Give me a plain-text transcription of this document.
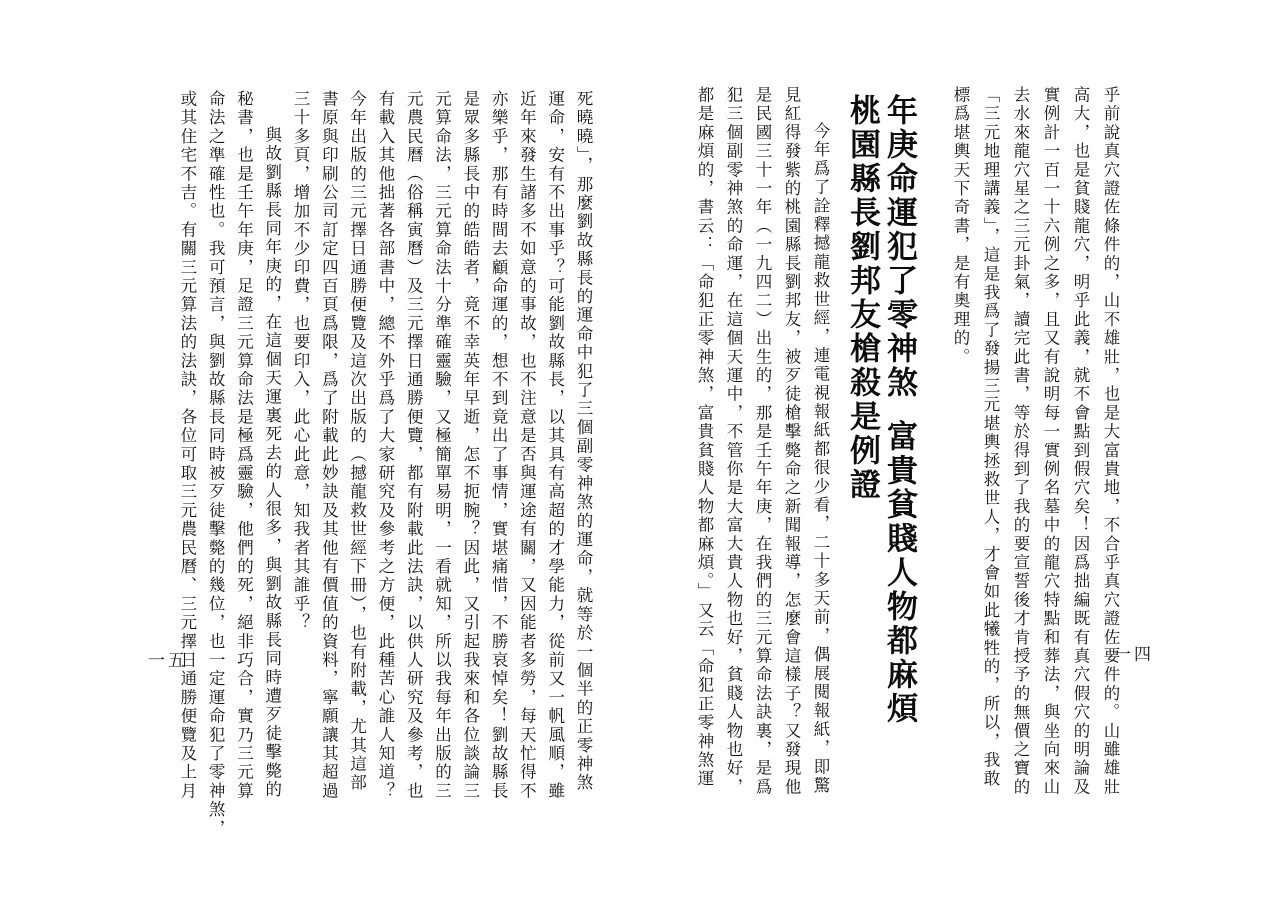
乎前說真穴證佐條件的，山不雄壯，也是大富貴地，不合乎真穴證佐要件的。山雖雄壯
高大，也是貧賤龍穴，明乎此義，就不會點到假穴矣！因爲拙編既有真穴假穴的明論及
實例計一百一十六例之多，且又有說明每一實例名墓中的龍穴特點和葬法，與坐向來山
去水來龍穴星之三元卦氣，讀完此書，等於得到了我的要宣誓後才肯授予的無價之寶的
「三元地理講義」，這是我爲了發揚三元堪輿拯救世人，才會如此犧牲的，所以，我敢
標爲堪輿天下奇書，是有奧理的。
年庚命運犯了零神煞富貴貧賤人物都麻煩
桃園縣長劉邦友槍殺是例證
今年爲了詮釋撼龍救世經，連電視報紙都很少看，二十多天前，偶展閱報紙，即驚
見紅得發紫的桃園縣長劉邦友，被歹徒槍擊斃命之新聞報導，怎麼會這樣子？又發現他
是民國三十一年（一九四二）出生的，那是壬午年庚，在我們的三元算命法訣裏，是爲
犯三個副零神煞的命運，在這個天運中，不管你是大富大貴人物也好，貧賤人物也好，
都是麻煩的，書云：「命犯正零神煞，富貴貧賤人物都麻煩。」又云「命犯正零神煞運	一四
死曉曉」，那麼劉故縣長的運命中犯了三個副零神煞的運命，就等於一個半的正零神煞
運命，安有不出事乎？可能劉故縣長，以其具有高超的才學能力，從前又一帆風順，雖
近年來發生諸多不如意的事故，也不注意是否與運途有關，又因能者多勞，每天忙得不
亦樂乎，那有時間去顧命運的，想不到竟出了事情，實堪痛惜，不勝哀悼矣！劉故縣長
是眾多縣長中的皓皓者，竟不幸英年早逝，怎不扼腕？因此，又引起我來和各位談論三
元算命法，三元算命法十分準確靈驗，又極簡單易明，一看就知，所以我每年出版的三
元農民曆（俗稱寅曆）及三元擇日通勝便覽，都有附載此法訣，以供人研究及參考，也
有載入其他拙著各部書中，總不外乎爲了大家研究及參考之方便，此種苦心誰人知道？
今年出版的三元擇日通勝便覽及這次出版的（撼龍救世經下冊），也有附載，尤其這部
書原與印刷公司訂定四百頁爲限，爲了附載此妙訣及其他有價值的資料，寧願讓其超過
三十多頁，增加不少印費，也要印入，此心此意，知我者其誰乎？
與故劉縣長同年庚的，在這個天運裏死去的人很多，與劉故縣長同時遭歹徒擊斃的
秘書，也是壬午年庚，足證三元算命法是極爲靈驗，他們的死，絕非巧合，實乃三元算
命法之準確性也。我可預言，與劉故縣長同時被歹徒擊斃的幾位，也一定運命犯了零神煞，
或其住宅不吉。有關三元算法的法訣，各位可取三元農民曆、三元擇日通勝便覽及上月
一五
